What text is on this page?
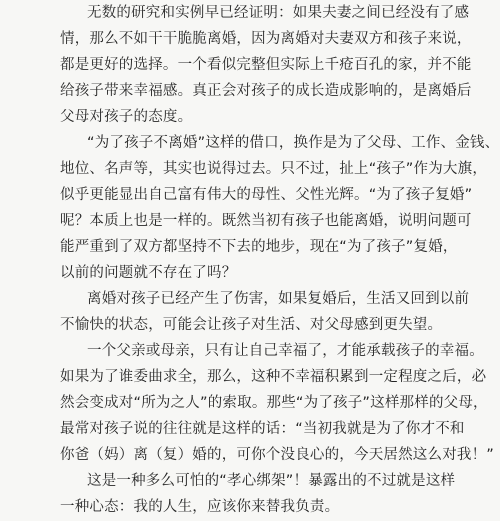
无数的研究和实例早已经证明：如果夫妻之间已经没有了感
情，那么不如干干脆脆离婚，因为离婚对夫妻双方和孩子来说，
都是更好的选择。一个看似完整但实际上千疮百孔的家，并不能
给孩子带来幸福感。真正会对孩子的成长造成影响的，是离婚后
父母对孩子的态度。
“为了孩子不离婚”这样的借口，换作是为了父母、工作、金钱、
地位、名声等，其实也说得过去。只不过，扯上“孩子”作为大旗，
似乎更能显出自己富有伟大的母性、父性光辉。“为了孩子复婚”
呢？本质上也是一样的。既然当初有孩子也能离婚，说明问题可
能严重到了双方都坚持不下去的地步，现在“为了孩子”复婚，
以前的问题就不存在了吗？
离婚对孩子已经产生了伤害，如果复婚后，生活又回到以前
不愉快的状态，可能会让孩子对生活、对父母感到更失望。
一个父亲或母亲，只有让自己幸福了，才能承载孩子的幸福。
如果为了谁委曲求全，那么，这种不幸福积累到一定程度之后，必
然会变成对“所为之人”的索取。那些“为了孩子”这样那样的父母，
最常对孩子说的往往就是这样的话：“当初我就是为了你才不和
你爸（妈）离（复）婚的，可你个没良心的，今天居然这么对我！”
这是一种多么可怕的“孝心绑架”！暴露出的不过就是这样
一种心态：我的人生，应该你来替我负责。
